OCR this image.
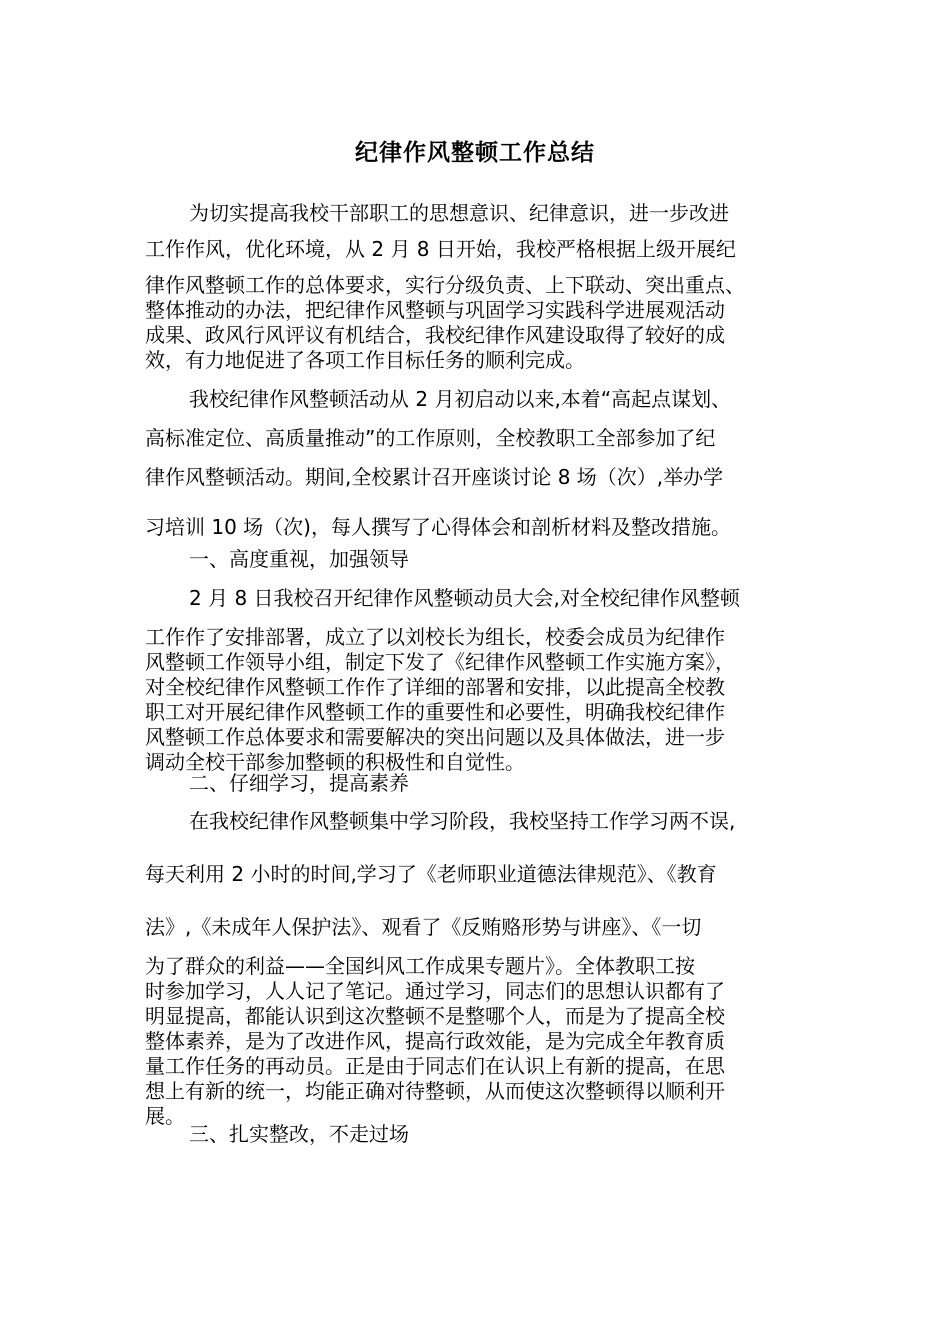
纪律作风整顿工作总结
为切实提高我校干部职工的思想意识、纪律意识，进一步改进
工作作风，优化环境，从 2 月 8 日开始，我校严格根据上级开展纪
律作风整顿工作的总体要求，实行分级负责、上下联动、突出重点、
整体推动的办法，把纪律作风整顿与巩固学习实践科学进展观活动
成果、政风行风评议有机结合，我校纪律作风建设取得了较好的成
效，有力地促进了各项工作目标任务的顺利完成。
我校纪律作风整顿活动从 2 月初启动以来,本着“高起点谋划、
高标准定位、高质量推动”的工作原则，全校教职工全部参加了纪
律作风整顿活动。期间,全校累计召开座谈讨论 8 场（次）,举办学
习培训 10 场（次)，每人撰写了心得体会和剖析材料及整改措施。
一、高度重视，加强领导
2 月 8 日我校召开纪律作风整顿动员大会,对全校纪律作风整顿
工作作了安排部署，成立了以刘校长为组长，校委会成员为纪律作
风整顿工作领导小组，制定下发了《纪律作风整顿工作实施方案》，
对全校纪律作风整顿工作作了详细的部署和安排，以此提高全校教
职工对开展纪律作风整顿工作的重要性和必要性，明确我校纪律作
风整顿工作总体要求和需要解决的突出问题以及具体做法，进一步
调动全校干部参加整顿的积极性和自觉性。
二、仔细学习，提高素养
在我校纪律作风整顿集中学习阶段，我校坚持工作学习两不误,
每天利用 2 小时的时间,学习了《老师职业道德法律规范》、《教育
法》,《未成年人保护法》、观看了《反贿赂形势与讲座》、《一切
为了群众的利益——全国纠风工作成果专题片》。全体教职工按
时参加学习，人人记了笔记。通过学习，同志们的思想认识都有了
明显提高，都能认识到这次整顿不是整哪个人，而是为了提高全校
整体素养，是为了改进作风，提高行政效能，是为完成全年教育质
量工作任务的再动员。正是由于同志们在认识上有新的提高，在思
想上有新的统一，均能正确对待整顿，从而使这次整顿得以顺利开
展。
三、扎实整改，不走过场
